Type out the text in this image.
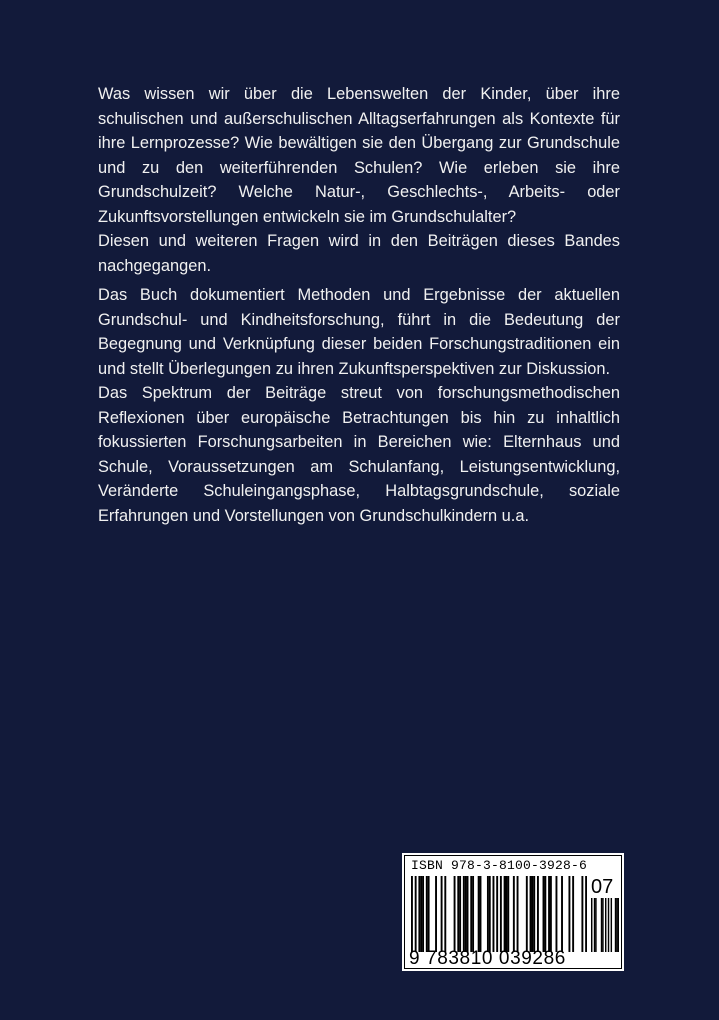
Was wissen wir über die Lebenswelten der Kinder, über ihre schulischen und außerschulischen Alltagserfahrungen als Kontexte für ihre Lernprozesse? Wie bewältigen sie den Übergang zur Grundschule und zu den weiterführenden Schulen? Wie erleben sie ihre Grundschulzeit? Welche Natur-, Geschlechts-, Arbeits- oder Zukunftsvorstellungen entwickeln sie im Grundschulalter?

Diesen und weiteren Fragen wird in den Beiträgen dieses Bandes nachgegangen.

Das Buch dokumentiert Methoden und Ergebnisse der aktuellen Grundschul- und Kindheitsforschung, führt in die Bedeutung der Begegnung und Verknüpfung dieser beiden Forschungstraditionen ein und stellt Überlegungen zu ihren Zukunftsperspektiven zur Diskussion.

Das Spektrum der Beiträge streut von forschungsmethodischen Reflexionen über europäische Betrachtungen bis hin zu inhaltlich fokussierten Forschungsarbeiten in Bereichen wie: Elternhaus und Schule, Voraussetzungen am Schulanfang, Leistungsentwicklung, Veränderte Schuleingangsphase, Halbtagsgrundschule, soziale Erfahrungen und Vorstellungen von Grundschulkindern u.a.

ISBN 978-3-8100-3928-6
07
9 783810 039286
